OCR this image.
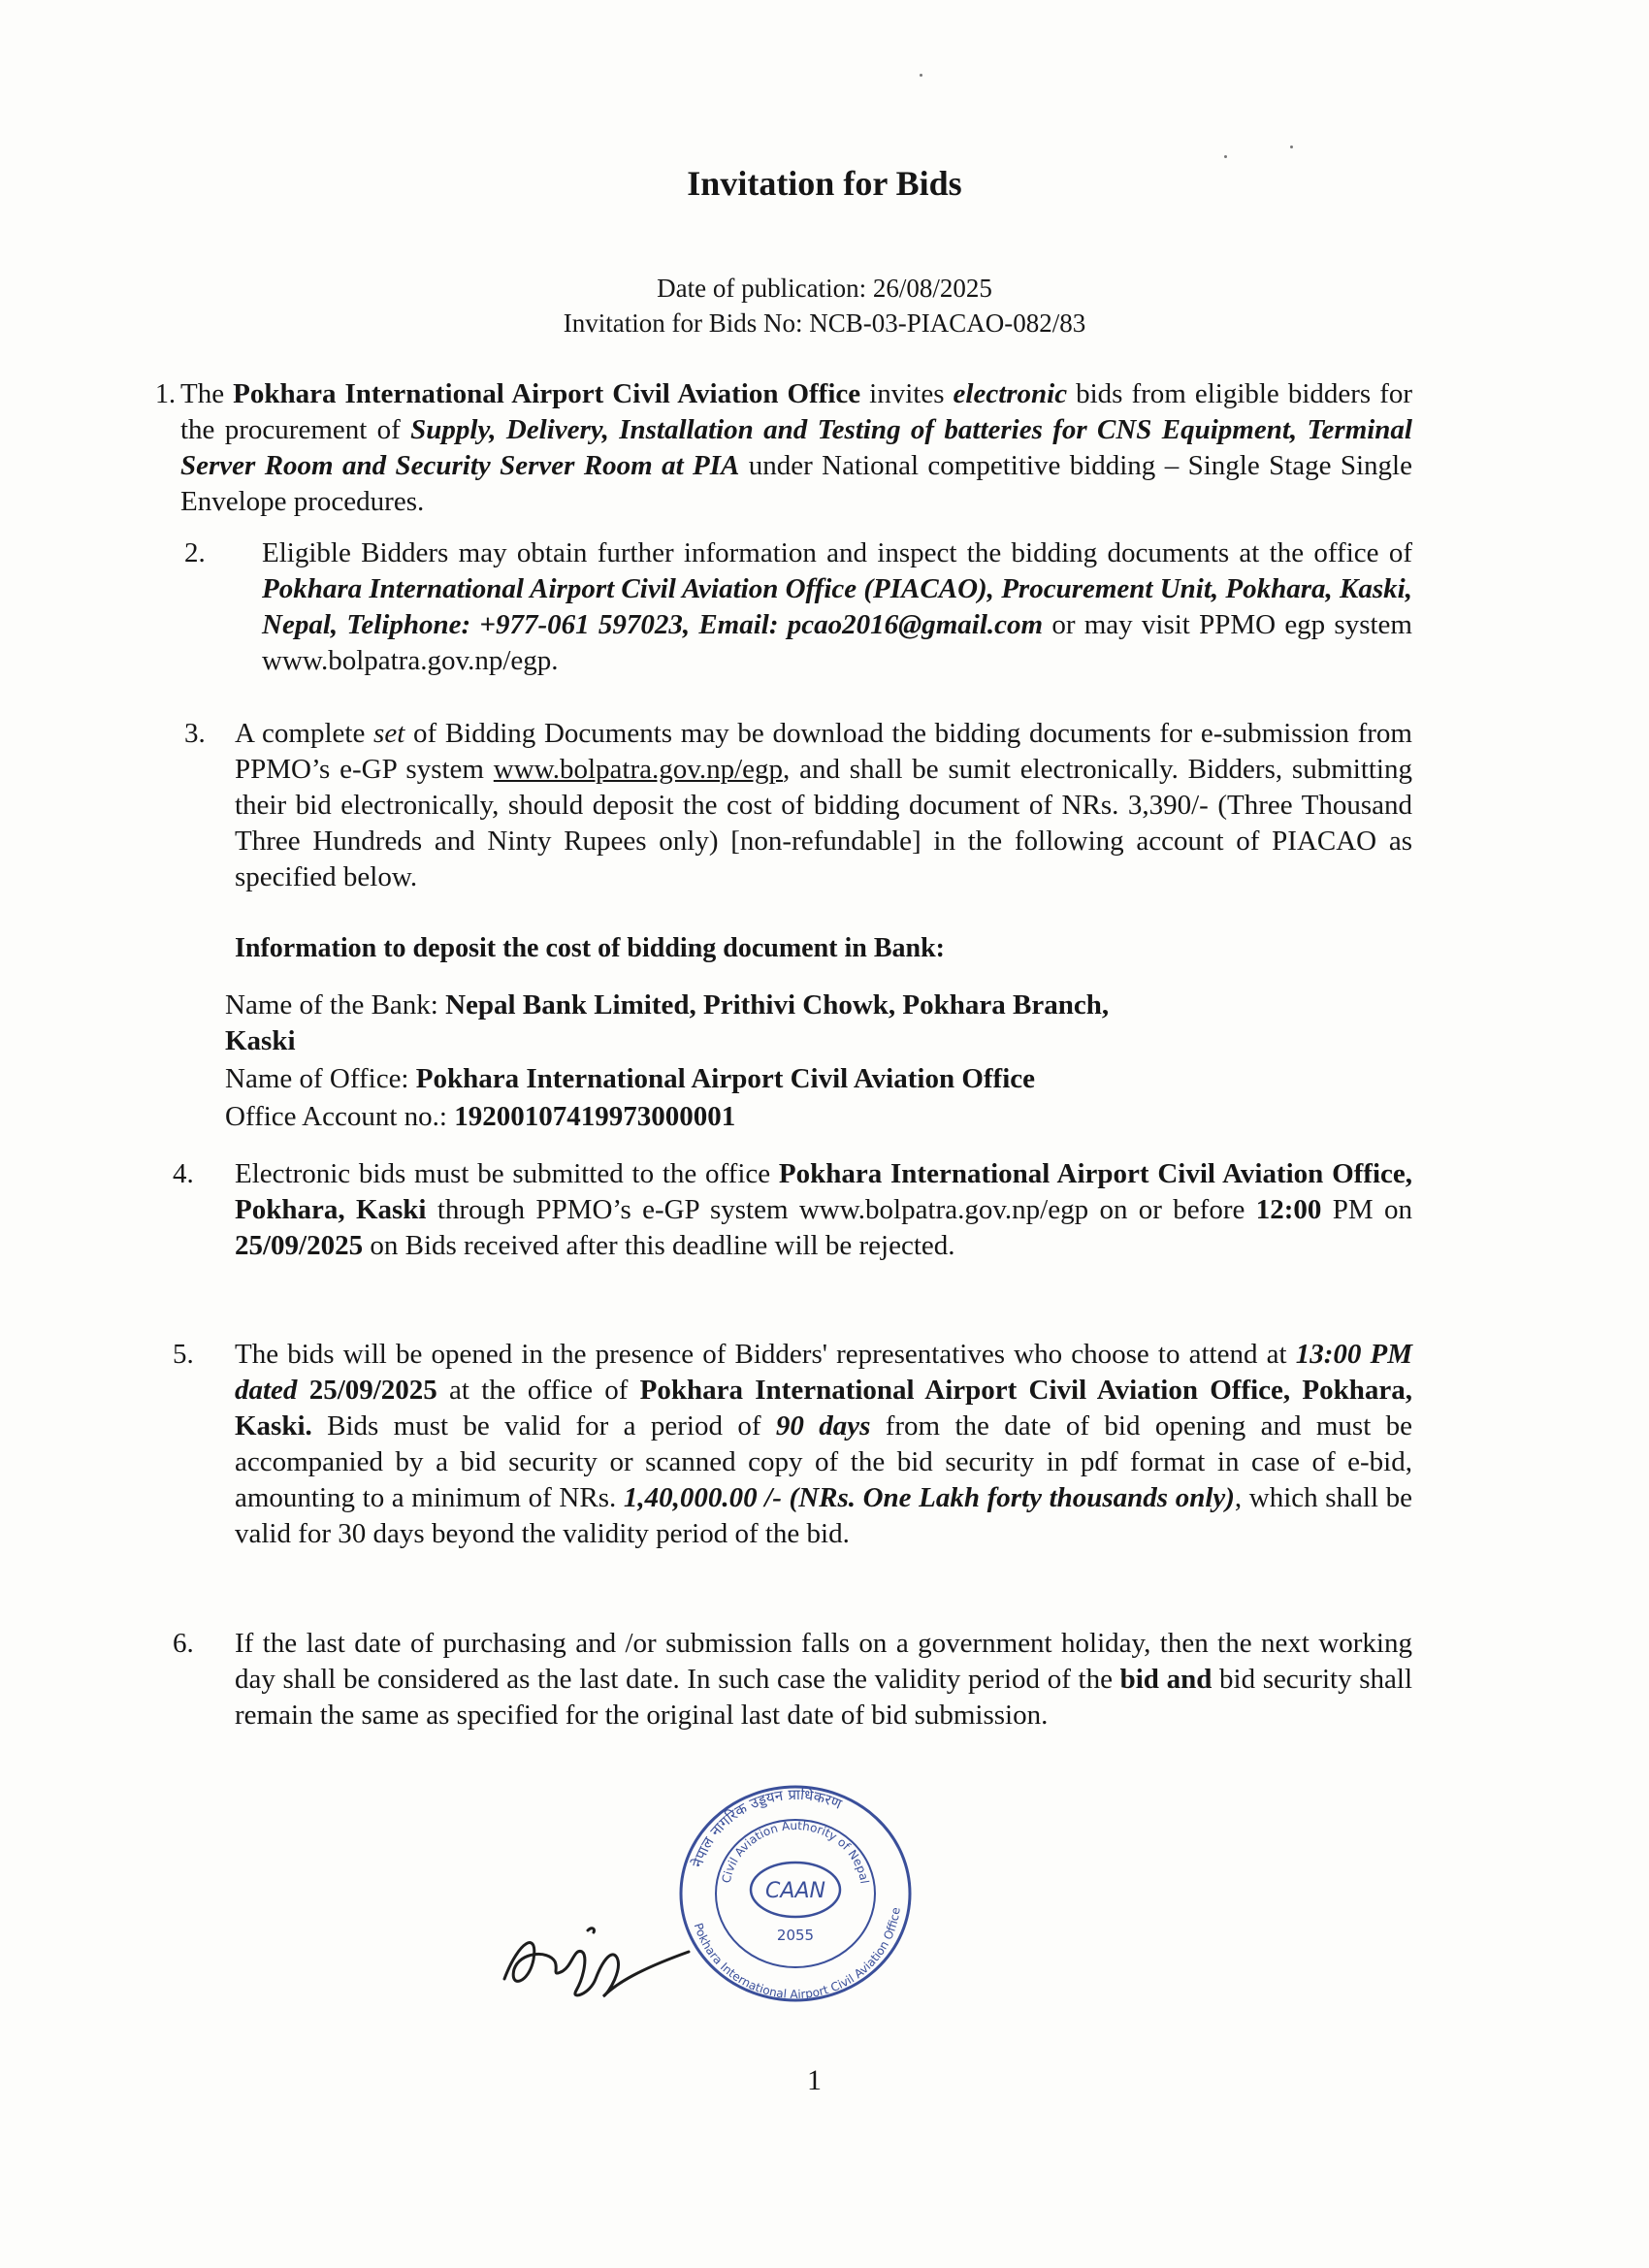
Invitation for Bids
Date of publication: 26/08/2025
Invitation for Bids No: NCB-03-PIACAO-082/83
1. The Pokhara International Airport Civil Aviation Office invites electronic bids from eligible bidders for the procurement of Supply, Delivery, Installation and Testing of batteries for CNS Equipment, Terminal Server Room and Security Server Room at PIA under National competitive bidding – Single Stage Single Envelope procedures.
2. Eligible Bidders may obtain further information and inspect the bidding documents at the office of Pokhara International Airport Civil Aviation Office (PIACAO), Procurement Unit, Pokhara, Kaski, Nepal, Teliphone: +977-061 597023, Email: pcao2016@gmail.com or may visit PPMO egp system www.bolpatra.gov.np/egp.
3. A complete set of Bidding Documents may be download the bidding documents for e-submission from PPMO’s e-GP system www.bolpatra.gov.np/egp, and shall be sumit electronically. Bidders, submitting their bid electronically, should deposit the cost of bidding document of NRs. 3,390/- (Three Thousand Three Hundreds and Ninty Rupees only) [non-refundable] in the following account of PIACAO as specified below.
Information to deposit the cost of bidding document in Bank:
Name of the Bank: Nepal Bank Limited, Prithivi Chowk, Pokhara Branch,
Kaski
Name of Office: Pokhara International Airport Civil Aviation Office
Office Account no.: 19200107419973000001
4. Electronic bids must be submitted to the office Pokhara International Airport Civil Aviation Office, Pokhara, Kaski through PPMO’s e-GP system www.bolpatra.gov.np/egp on or before 12:00 PM on 25/09/2025 on Bids received after this deadline will be rejected.
5. The bids will be opened in the presence of Bidders' representatives who choose to attend at 13:00 PM dated 25/09/2025 at the office of Pokhara International Airport Civil Aviation Office, Pokhara, Kaski. Bids must be valid for a period of 90 days from the date of bid opening and must be accompanied by a bid security or scanned copy of the bid security in pdf format in case of e-bid, amounting to a minimum of NRs. 1,40,000.00 /- (NRs. One Lakh forty thousands only), which shall be valid for 30 days beyond the validity period of the bid.
6. If the last date of purchasing and /or submission falls on a government holiday, then the next working day shall be considered as the last date. In such case the validity period of the bid and bid security shall remain the same as specified for the original last date of bid submission.
नेपाल नागरिक उड्डयन प्राधिकरण
Civil Aviation Authority of Nepal
Pokhara International Airport Civil Aviation Office
CAAN
2055
1
